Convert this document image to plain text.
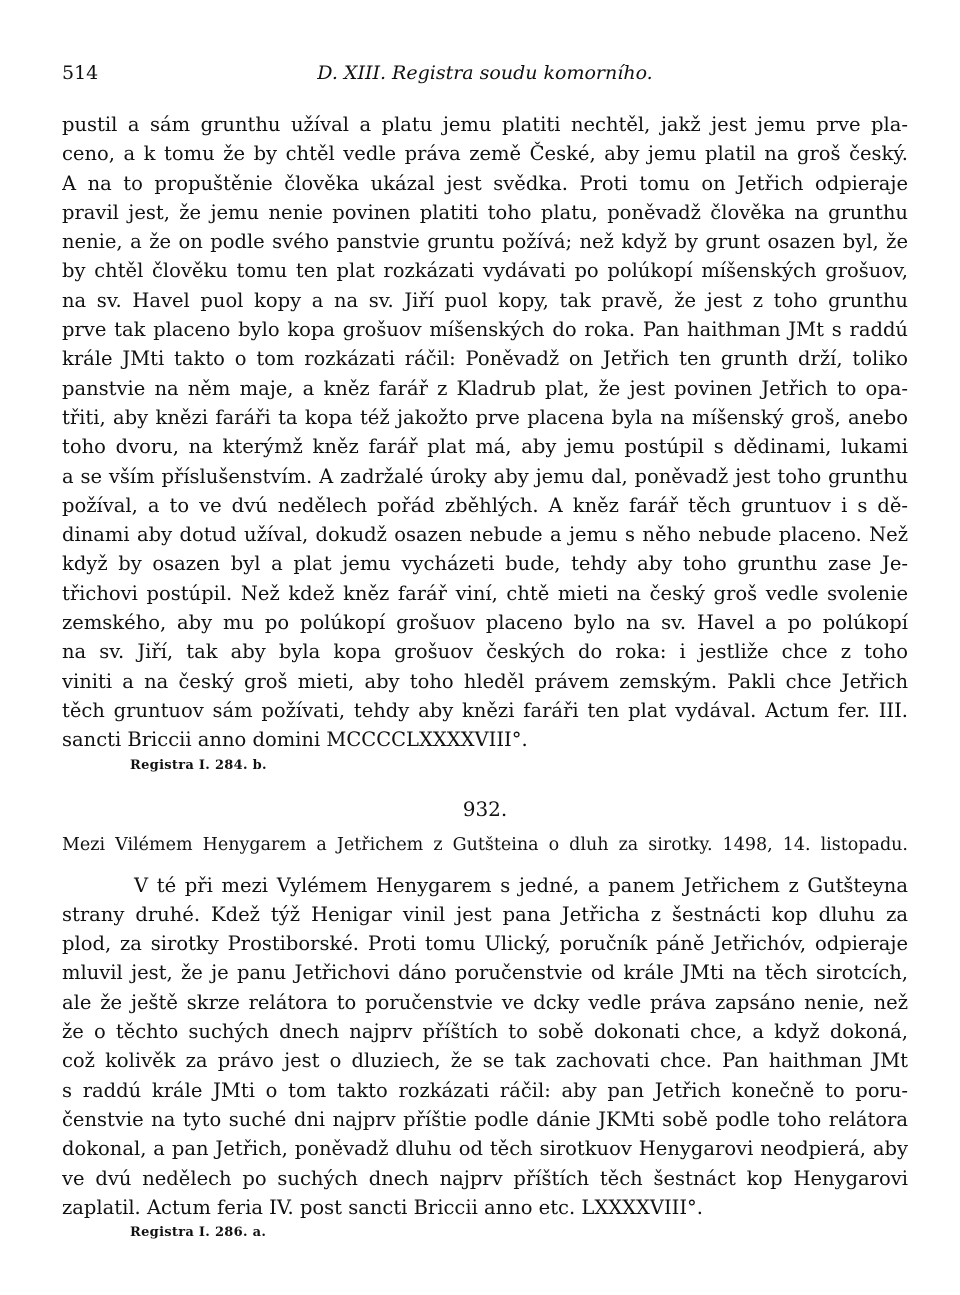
514	D. XIII. Registra soudu komorního.
pustil a sám grunthu užíval a platu jemu platiti nechtěl, jakž jest jemu prve pla-
ceno, a k tomu že by chtěl vedle práva země České, aby jemu platil na groš český.
A na to propuštěnie člověka ukázal jest svědka. Proti tomu on Jetřich odpieraje
pravil jest, že jemu nenie povinen platiti toho platu, poněvadž člověka na grunthu
nenie, a že on podle svého panstvie gruntu požívá; než když by grunt osazen byl, že
by chtěl člověku tomu ten plat rozkázati vydávati po polúkopí míšenských grošuov,
na sv. Havel puol kopy a na sv. Jiří puol kopy, tak pravě, že jest z toho grunthu
prve tak placeno bylo kopa grošuov míšenských do roka. Pan haithman JMt s raddú
krále JMti takto o tom rozkázati ráčil: Poněvadž on Jetřich ten grunth drží, toliko
panstvie na něm maje, a kněz farář z Kladrub plat, že jest povinen Jetřich to opa-
třiti, aby knězi faráři ta kopa též jakožto prve placena byla na míšenský groš, anebo
toho dvoru, na kterýmž kněz farář plat má, aby jemu postúpil s dědinami, lukami
a se vším příslušenstvím. A zadržalé úroky aby jemu dal, poněvadž jest toho grunthu
požíval, a to ve dvú nedělech pořád zběhlých. A kněz farář těch gruntuov i s dě-
dinami aby dotud užíval, dokudž osazen nebude a jemu s něho nebude placeno. Než
když by osazen byl a plat jemu vycházeti bude, tehdy aby toho grunthu zase Je-
třichovi postúpil. Než kdež kněz farář viní, chtě mieti na český groš vedle svolenie
zemského, aby mu po polúkopí grošuov placeno bylo na sv. Havel a po polúkopí
na sv. Jiří, tak aby byla kopa grošuov českých do roka: i jestliže chce z toho
viniti a na český groš mieti, aby toho hleděl právem zemským. Pakli chce Jetřich
těch gruntuov sám požívati, tehdy aby knězi faráři ten plat vydával. Actum fer. III.
sancti Briccii anno domini MCCCCLXXXXVIII°.
Registra I. 284. b.
932.
Mezi Vilémem Henygarem a Jetřichem z Gutšteina o dluh za sirotky. 1498, 14. listopadu.
V té při mezi Vylémem Henygarem s jedné, a panem Jetřichem z Gutšteyna
strany druhé. Kdež týž Henigar vinil jest pana Jetřicha z šestnácti kop dluhu za
plod, za sirotky Prostiborské. Proti tomu Ulický, poručník páně Jetřichóv, odpieraje
mluvil jest, že je panu Jetřichovi dáno poručenstvie od krále JMti na těch sirotcích,
ale že ještě skrze relátora to poručenstvie ve dcky vedle práva zapsáno nenie, než
že o těchto suchých dnech najprv příštích to sobě dokonati chce, a když dokoná,
což kolivěk za právo jest o dluziech, že se tak zachovati chce. Pan haithman JMt
s raddú krále JMti o tom takto rozkázati ráčil: aby pan Jetřich konečně to poru-
čenstvie na tyto suché dni najprv příštie podle dánie JKMti sobě podle toho relátora
dokonal, a pan Jetřich, poněvadž dluhu od těch sirotkuov Henygarovi neodpierá, aby
ve dvú nedělech po suchých dnech najprv příštích těch šestnáct kop Henygarovi
zaplatil. Actum feria IV. post sancti Briccii anno etc. LXXXXVIII°.
Registra I. 286. a.
